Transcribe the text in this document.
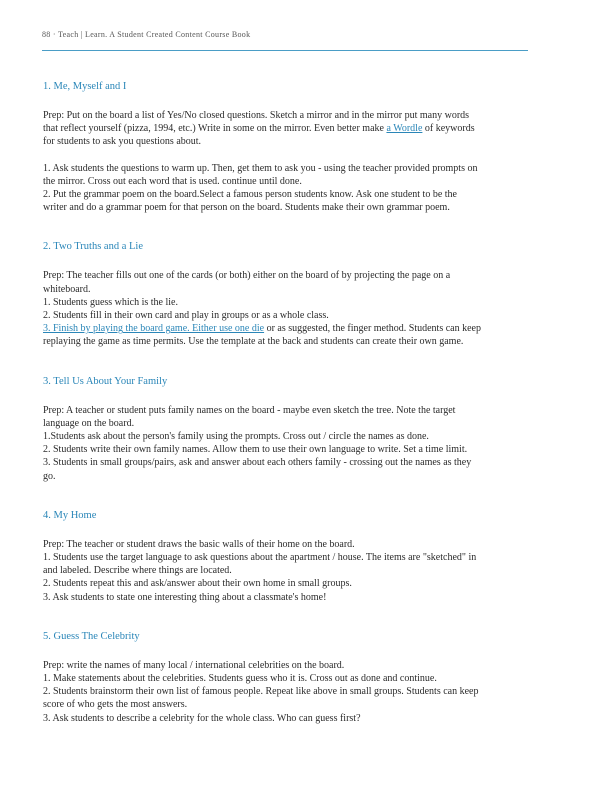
88 · Teach | Learn. A Student Created Content Course Book
1. Me, Myself and I
Prep: Put on the board a list of Yes/No closed questions. Sketch a mirror and in the mirror put many words that reflect yourself (pizza, 1994, etc.) Write in some on the mirror. Even better make a Wordle of keywords for students to ask you questions about.
1. Ask students the questions to warm up. Then, get them to ask you - using the teacher provided prompts on the mirror. Cross out each word that is used. continue until done.
2. Put the grammar poem on the board.Select a famous person students know. Ask one student to be the writer and do a grammar poem for that person on the board. Students make their own grammar poem.
2. Two Truths and a Lie
Prep: The teacher fills out one of the cards (or both) either on the board of by projecting the page on a whiteboard.
1. Students guess which is the lie.
2. Students fill in their own card and play in groups or as a whole class.
3. Finish by playing the board game. Either use one die or as suggested, the finger method. Students can keep replaying the game as time permits. Use the template at the back and students can create their own game.
3. Tell Us About Your Family
Prep: A teacher or student puts family names on the board - maybe even sketch the tree. Note the target language on the board.
1.Students ask about the person's family using the prompts. Cross out / circle the names as done.
2. Students write their own family names. Allow them to use their own language to write. Set a time limit.
3. Students in small groups/pairs, ask and answer about each others family - crossing out the names as they go.
4. My Home
Prep: The teacher or student draws the basic walls of their home on the board.
1. Students use the target language to ask questions about the apartment / house. The items are "sketched" in and labeled. Describe where things are located.
2. Students repeat this and ask/answer about their own home in small groups.
3. Ask students to state one interesting thing about a classmate's home!
5. Guess The Celebrity
Prep: write the names of many local / international celebrities on the board.
1. Make statements about the celebrities. Students guess who it is. Cross out as done and continue.
2. Students brainstorm their own list of famous people. Repeat like above in small groups. Students can keep score of who gets the most answers.
3. Ask students to describe a celebrity for the whole class. Who can guess first?
